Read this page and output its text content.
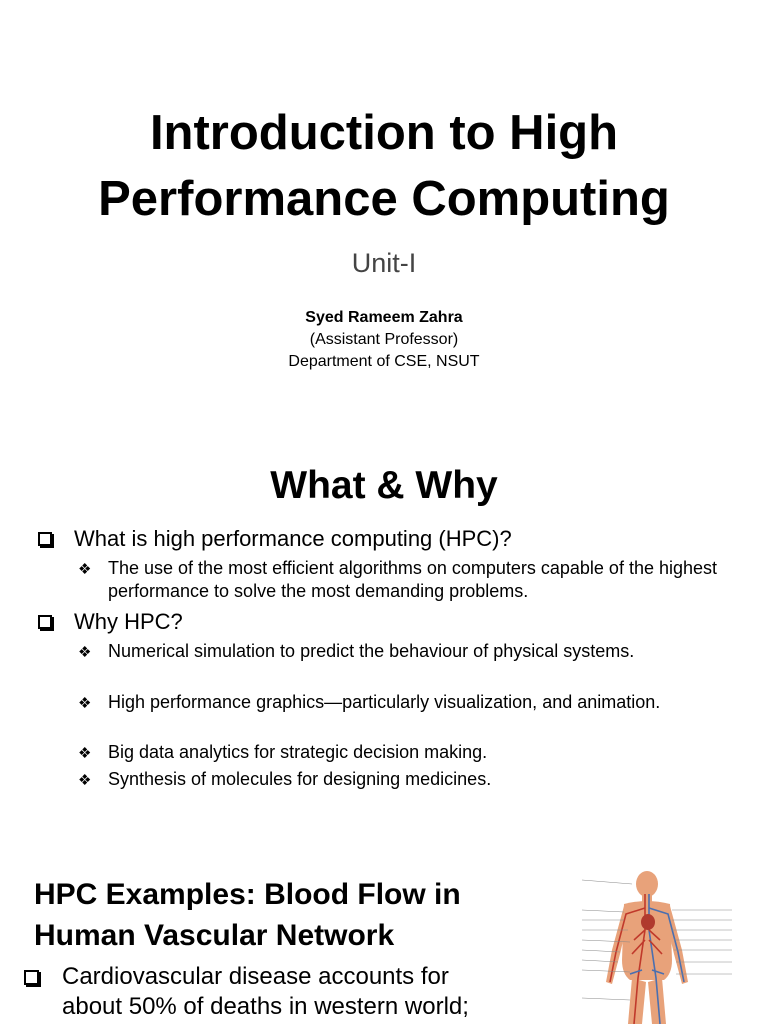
Introduction to High
Performance Computing
Unit-I
Syed Rameem Zahra
(Assistant Professor)
Department of CSE, NSUT
What & Why
What is high performance computing (HPC)?
❖ The use of the most efficient algorithms on computers capable of the highest performance to solve the most demanding problems.
Why HPC?
❖ Numerical simulation to predict the behaviour of physical systems.
❖ High performance graphics—particularly visualization, and animation.
❖ Big data analytics for strategic decision making.
❖ Synthesis of molecules for designing medicines.
HPC Examples: Blood Flow in
Human Vascular Network
Cardiovascular disease accounts for
about 50% of deaths in western world;
